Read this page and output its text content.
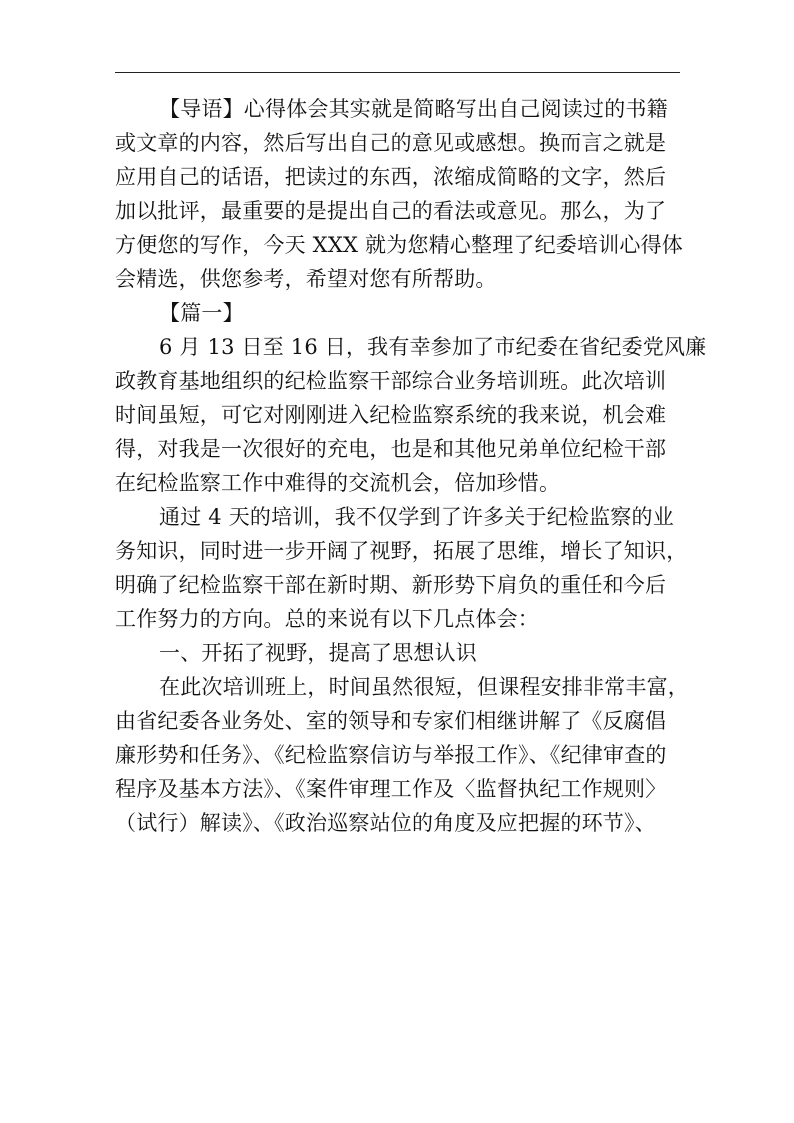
【导语】心得体会其实就是简略写出自己阅读过的书籍
或文章的内容，然后写出自己的意见或感想。换而言之就是
应用自己的话语，把读过的东西，浓缩成简略的文字，然后
加以批评，最重要的是提出自己的看法或意见。那么，为了
方便您的写作，今天 XXX 就为您精心整理了纪委培训心得体
会精选，供您参考，希望对您有所帮助。
【篇一】
6 月 13 日至 16 日，我有幸参加了市纪委在省纪委党风廉
政教育基地组织的纪检监察干部综合业务培训班。此次培训
时间虽短，可它对刚刚进入纪检监察系统的我来说，机会难
得，对我是一次很好的充电，也是和其他兄弟单位纪检干部
在纪检监察工作中难得的交流机会，倍加珍惜。
通过 4 天的培训，我不仅学到了许多关于纪检监察的业
务知识，同时进一步开阔了视野，拓展了思维，增长了知识，
明确了纪检监察干部在新时期、新形势下肩负的重任和今后
工作努力的方向。总的来说有以下几点体会：
一、开拓了视野，提高了思想认识
在此次培训班上，时间虽然很短，但课程安排非常丰富，
由省纪委各业务处、室的领导和专家们相继讲解了《反腐倡
廉形势和任务》、《纪检监察信访与举报工作》、《纪律审查的
程序及基本方法》、《案件审理工作及〈监督执纪工作规则〉
（试行）解读》、《政治巡察站位的角度及应把握的环节》、
